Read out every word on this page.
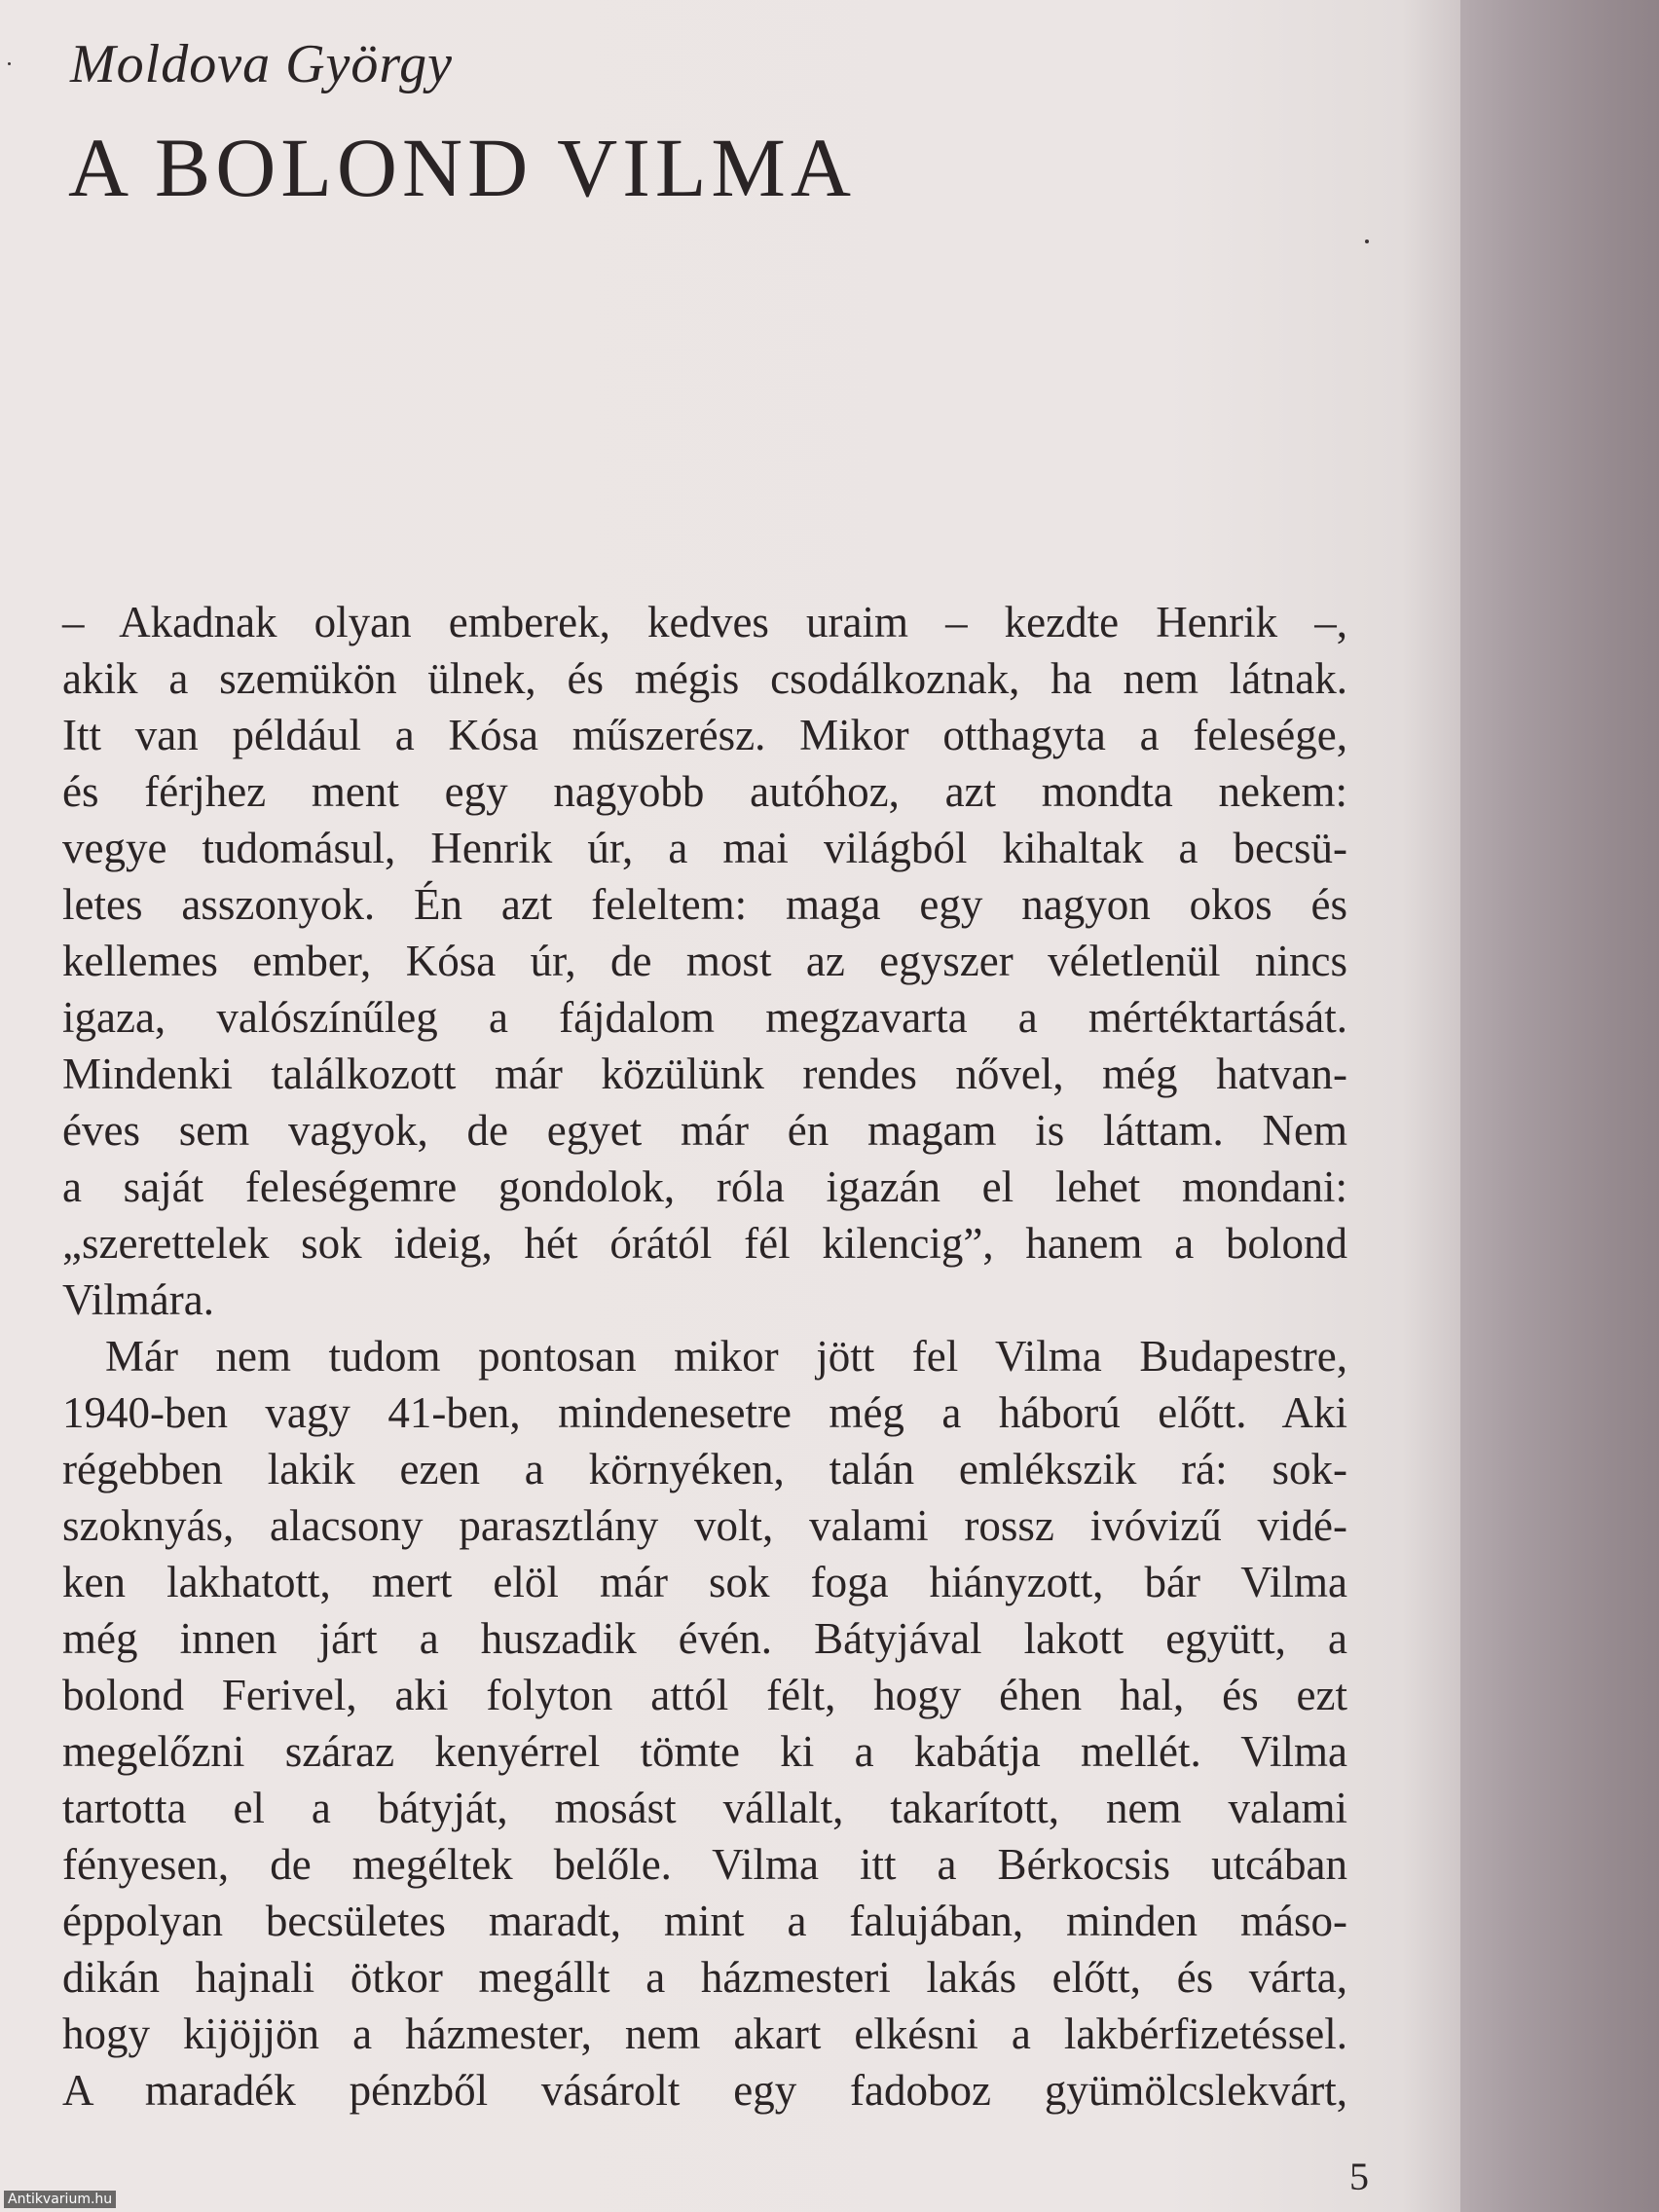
Moldova György
A BOLOND VILMA
– Akadnak olyan emberek, kedves uraim – kezdte Henrik –,
akik a szemükön ülnek, és mégis csodálkoznak, ha nem látnak.
Itt van például a Kósa műszerész. Mikor otthagyta a felesége,
és férjhez ment egy nagyobb autóhoz, azt mondta nekem:
vegye tudomásul, Henrik úr, a mai világból kihaltak a becsü-
letes asszonyok. Én azt feleltem: maga egy nagyon okos és
kellemes ember, Kósa úr, de most az egyszer véletlenül nincs
igaza, valószínűleg a fájdalom megzavarta a mértéktartását.
Mindenki találkozott már közülünk rendes nővel, még hatvan-
éves sem vagyok, de egyet már én magam is láttam. Nem
a saját feleségemre gondolok, róla igazán el lehet mondani:
„szerettelek sok ideig, hét órától fél kilencig”, hanem a bolond
Vilmára.
Már nem tudom pontosan mikor jött fel Vilma Budapestre,
1940-ben vagy 41-ben, mindenesetre még a háború előtt. Aki
régebben lakik ezen a környéken, talán emlékszik rá: sok-
szoknyás, alacsony parasztlány volt, valami rossz ivóvizű vidé-
ken lakhatott, mert elöl már sok foga hiányzott, bár Vilma
még innen járt a huszadik évén. Bátyjával lakott együtt, a
bolond Ferivel, aki folyton attól félt, hogy éhen hal, és ezt
megelőzni száraz kenyérrel tömte ki a kabátja mellét. Vilma
tartotta el a bátyját, mosást vállalt, takarított, nem valami
fényesen, de megéltek belőle. Vilma itt a Bérkocsis utcában
éppolyan becsületes maradt, mint a falujában, minden máso-
dikán hajnali ötkor megállt a házmesteri lakás előtt, és várta,
hogy kijöjjön a házmester, nem akart elkésni a lakbérfizetéssel.
A maradék pénzből vásárolt egy fadoboz gyümölcslekvárt,
5
Antikvarium.hu
